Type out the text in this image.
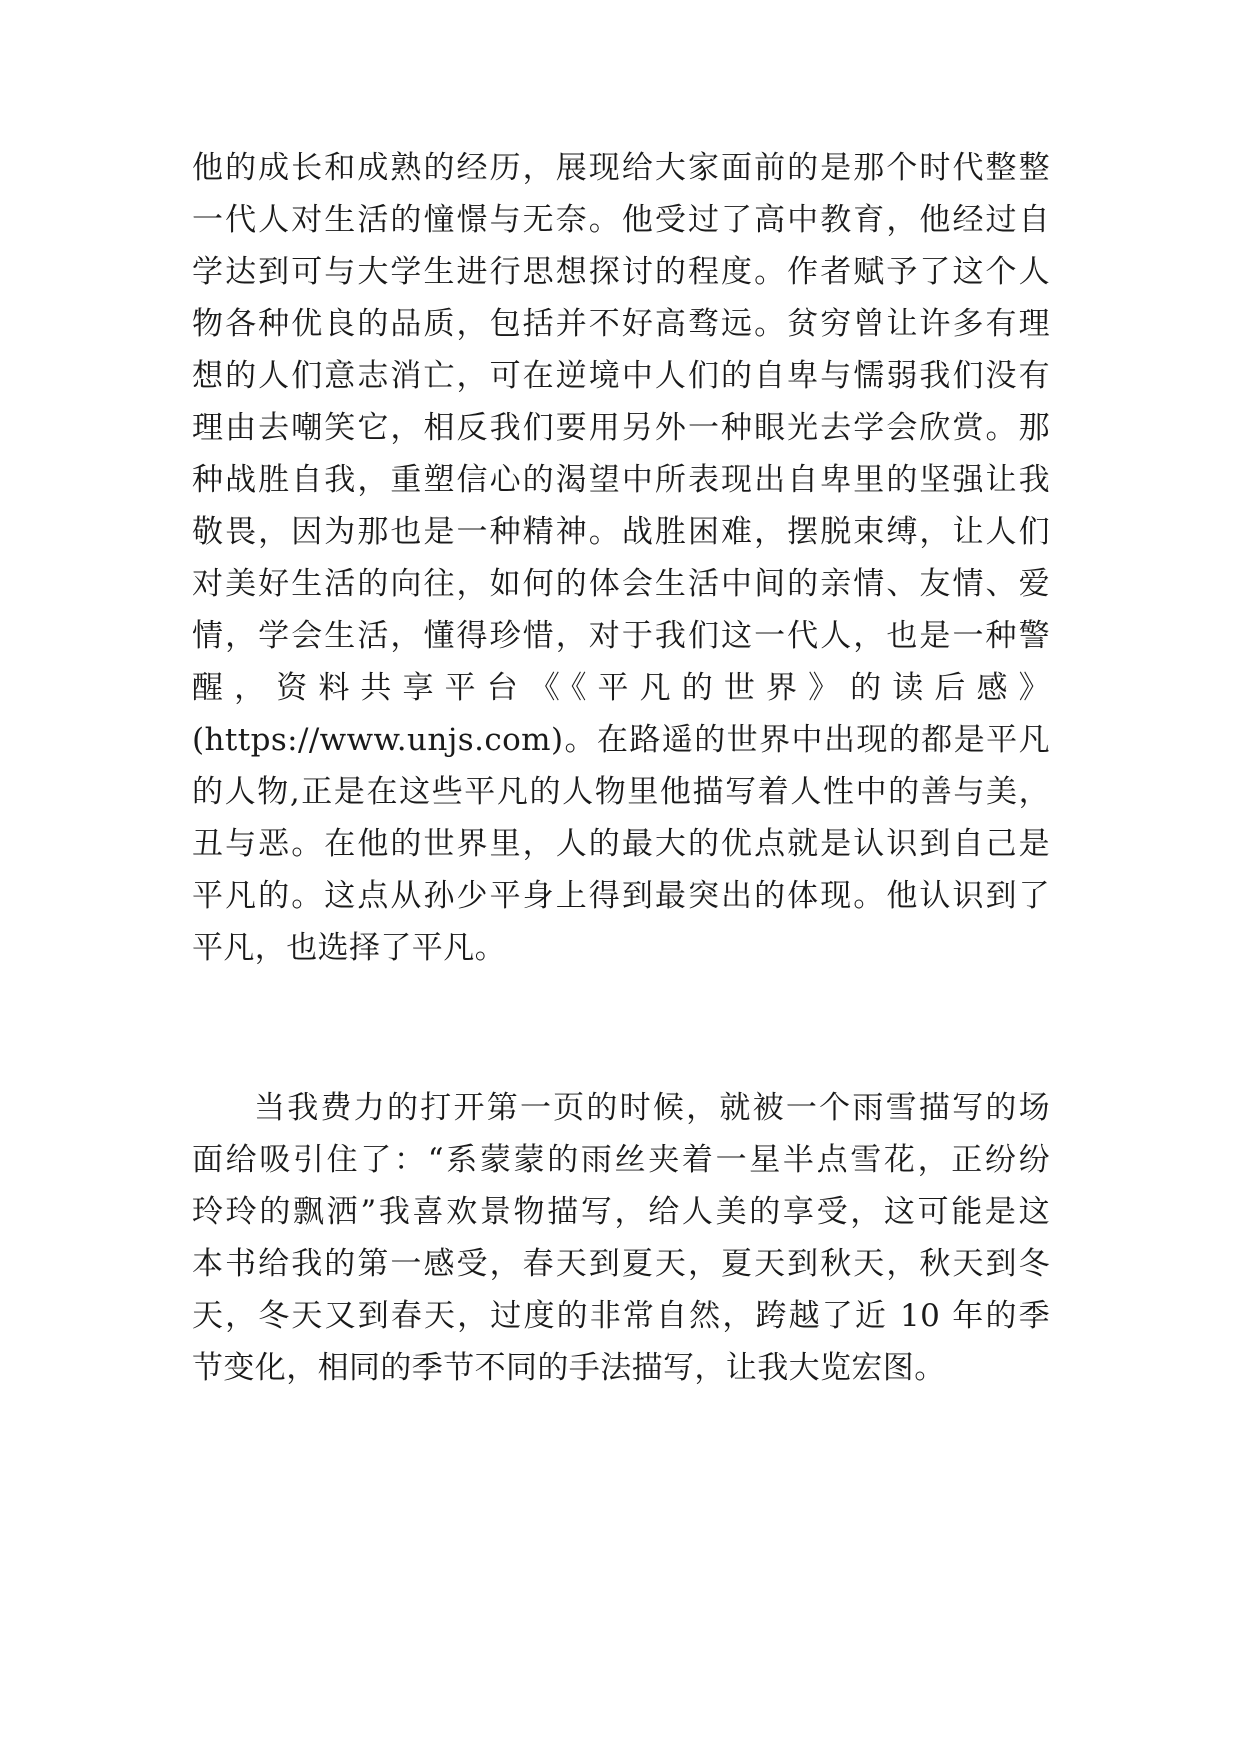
他的成长和成熟的经历，展现给大家面前的是那个时代整整
一代人对生活的憧憬与无奈。他受过了高中教育，他经过自
学达到可与大学生进行思想探讨的程度。作者赋予了这个人
物各种优良的品质，包括并不好高骛远。贫穷曾让许多有理
想的人们意志消亡，可在逆境中人们的自卑与懦弱我们没有
理由去嘲笑它，相反我们要用另外一种眼光去学会欣赏。那
种战胜自我，重塑信心的渴望中所表现出自卑里的坚强让我
敬畏，因为那也是一种精神。战胜困难，摆脱束缚，让人们
对美好生活的向往，如何的体会生活中间的亲情、友情、爱
情，学会生活，懂得珍惜，对于我们这一代人，也是一种警
醒，资料共享平台《《平凡的世界》的读后感》
(https://www.unjs.com)。在路遥的世界中出现的都是平凡
的人物,正是在这些平凡的人物里他描写着人性中的善与美，
丑与恶。在他的世界里，人的最大的优点就是认识到自己是
平凡的。这点从孙少平身上得到最突出的体现。他认识到了
平凡，也选择了平凡。
当我费力的打开第一页的时候，就被一个雨雪描写的场
面给吸引住了：“系蒙蒙的雨丝夹着一星半点雪花，正纷纷
玲玲的飘洒”我喜欢景物描写，给人美的享受，这可能是这
本书给我的第一感受，春天到夏天，夏天到秋天，秋天到冬
天，冬天又到春天，过度的非常自然，跨越了近 10 年的季
节变化，相同的季节不同的手法描写，让我大览宏图。
